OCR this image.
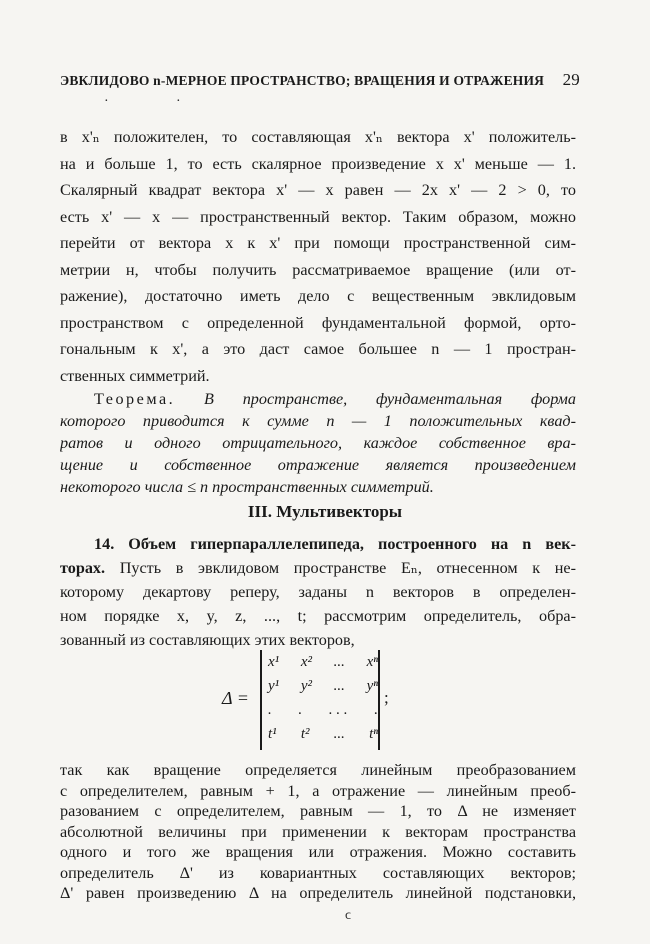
ЭВКЛИДОВО n-МЕРНОЕ ПРОСТРАНСТВО; ВРАЩЕНИЯ И ОТРАЖЕНИЯ 29
·	·
в x'ₙ положителен, то составляющая x'ₙ вектора x' положитель-
на и больше 1, то есть скалярное произведение x x' меньше — 1.
Скалярный квадрат вектора x' — x равен — 2x x' — 2 > 0, то
есть x' — x — пространственный вектор. Таким образом, можно
перейти от вектора x к x' при помощи пространственной сим-
метрии н, чтобы получить рассматриваемое вращение (или от-
ражение), достаточно иметь дело с вещественным эвклидовым
пространством с определенной фундаментальной формой, орто-
гональным к x', а это даст самое большее n — 1 простран-
ственных симметрий.
Теорема. В пространстве, фундаментальная форма
которого приводится к сумме n — 1 положительных квад-
ратов и одного отрицательного, каждое собственное вра-
щение и собственное отражение является произведением
некоторого числа ≤ n пространственных симметрий.
III. Мультивекторы
14. Объем гиперпараллелепипеда, построенного на n век-
торах. Пусть в эвклидовом пространстве Eₙ, отнесенном к не-
которому декартову реперу, заданы n векторов в определен-
ном порядке x, y, z, ..., t; рассмотрим определитель, обра-
зованный из составляющих этих векторов,
Δ =
x¹ x² ... xⁿ
y¹ y² ... yⁿ
. . . . . .
t¹ t² ... tⁿ
;
так как вращение определяется линейным преобразованием
с определителем, равным + 1, а отражение — линейным преоб-
разованием с определителем, равным — 1, то Δ не изменяет
абсолютной величины при применении к векторам пространства
одного и того же вращения или отражения. Можно составить
определитель Δ' из ковариантных составляющих векторов;
Δ' равен произведению Δ на определитель линейной подстановки,
ϲ
